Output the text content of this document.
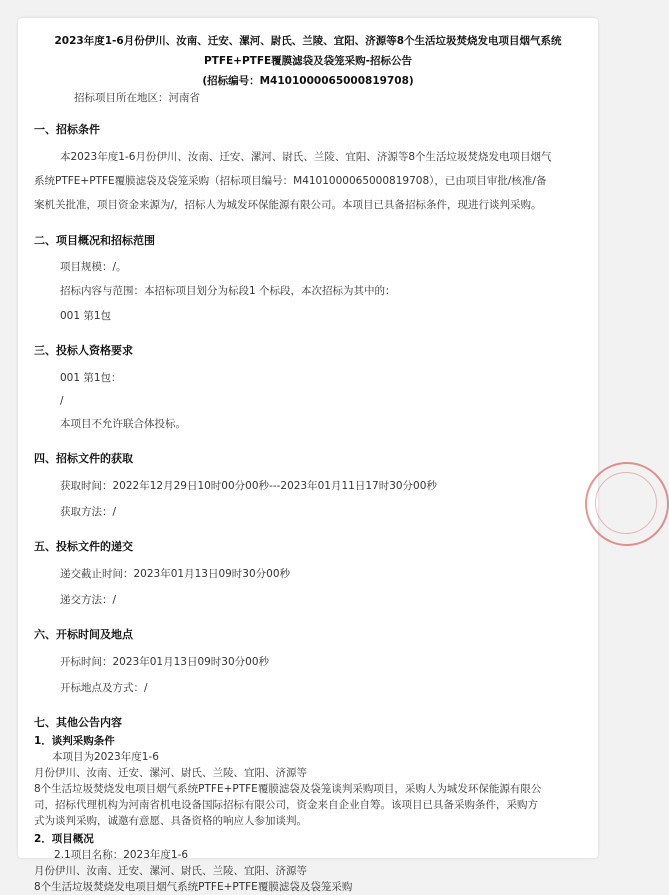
2023年度1-6月份伊川、汝南、迁安、漯河、尉氏、兰陵、宜阳、济源等8个生活垃圾焚烧发电项目烟气系统
PTFE+PTFE覆膜滤袋及袋笼采购-招标公告
(招标编号：M4101000065000819708)

招标项目所在地区：河南省

一、招标条件

本2023年度1-6月份伊川、汝南、迁安、漯河、尉氏、兰陵、宜阳、济源等8个生活垃圾焚烧发电项目烟气

系统PTFE+PTFE覆膜滤袋及袋笼采购（招标项目编号：M4101000065000819708），已由项目审批/核准/备

案机关批准，项目资金来源为/，招标人为城发环保能源有限公司。本项目已具备招标条件，现进行谈判采购。

二、项目概况和招标范围

项目规模：/。

招标内容与范围：本招标项目划分为标段1 个标段，本次招标为其中的：

001 第1包

三、投标人资格要求

001 第1包：

/

本项目不允许联合体投标。

四、招标文件的获取

获取时间：2022年12月29日10时00分00秒---2023年01月11日17时30分00秒

获取方法：/

五、投标文件的递交

递交截止时间：2023年01月13日09时30分00秒

递交方法：/

六、开标时间及地点

开标时间：2023年01月13日09时30分00秒

开标地点及方式：/

七、其他公告内容
1．谈判采购条件

本项目为2023年度1-6

月份伊川、汝南、迁安、漯河、尉氏、兰陵、宜阳、济源等

8个生活垃圾焚烧发电项目烟气系统PTFE+PTFE覆膜滤袋及袋笼谈判采购项目，采购人为城发环保能源有限公

司，招标代理机构为河南省机电设备国际招标有限公司，资金来自企业自筹。该项目已具备采购条件，采购方

式为谈判采购，诚邀有意愿、具备资格的响应人参加谈判。

2．项目概况

2.1项目名称：2023年度1-6

月份伊川、汝南、迁安、漯河、尉氏、兰陵、宜阳、济源等

8个生活垃圾焚烧发电项目烟气系统PTFE+PTFE覆膜滤袋及袋笼采购
